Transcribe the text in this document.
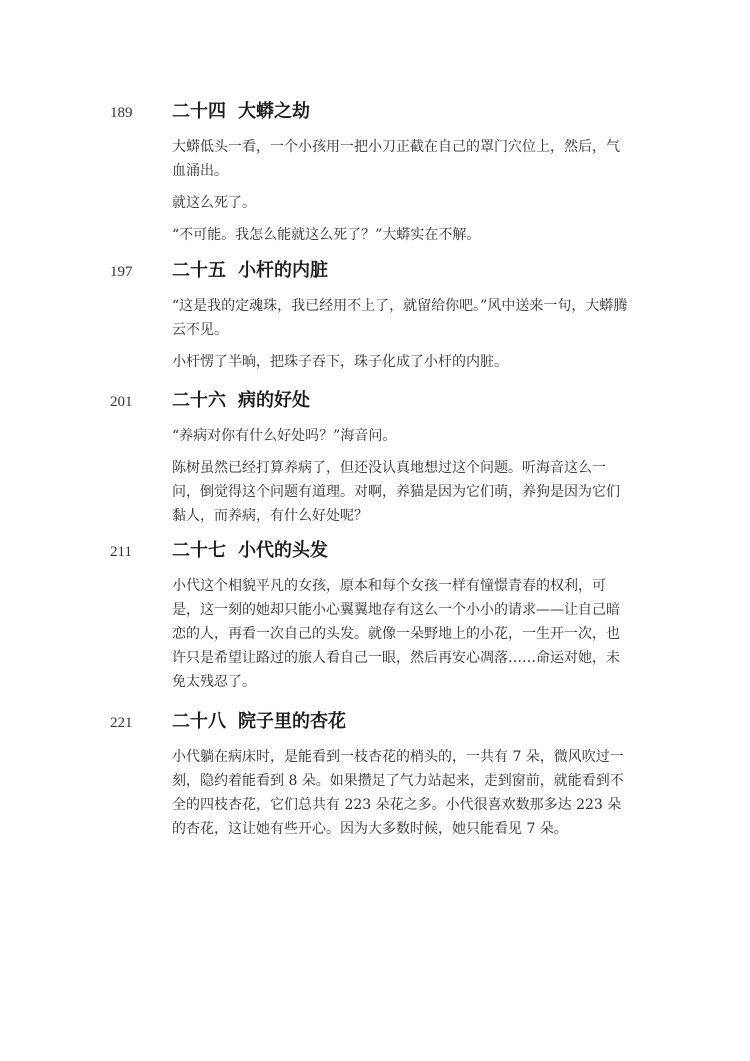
189 二十四 大蟒之劫

大蟒低头一看，一个小孩用一把小刀正截在自己的罩门穴位上，然后，气血涌出。

就这么死了。

“不可能。我怎么能就这么死了？”大蟒实在不解。

197 二十五 小杆的内脏

“这是我的定魂珠，我已经用不上了，就留给你吧。”风中送来一句，大蟒腾云不见。

小杆愣了半晌，把珠子吞下，珠子化成了小杆的内脏。

201 二十六 病的好处

“养病对你有什么好处吗？”海音问。

陈树虽然已经打算养病了，但还没认真地想过这个问题。听海音这么一问，倒觉得这个问题有道理。对啊，养猫是因为它们萌，养狗是因为它们黏人，而养病，有什么好处呢？

211 二十七 小代的头发

小代这个相貌平凡的女孩，原本和每个女孩一样有憧憬青春的权利，可是，这一刻的她却只能小心翼翼地存有这么一个小小的请求——让自己暗恋的人，再看一次自己的头发。就像一朵野地上的小花，一生开一次，也许只是希望让路过的旅人看自己一眼，然后再安心凋落……命运对她，未免太残忍了。

221 二十八 院子里的杏花

小代躺在病床时，是能看到一枝杏花的梢头的，一共有 7 朵，微风吹过一刻，隐约着能看到 8 朵。如果攒足了气力站起来，走到窗前，就能看到不全的四枝杏花，它们总共有 223 朵花之多。小代很喜欢数那多达 223 朵的杏花，这让她有些开心。因为大多数时候，她只能看见 7 朵。
